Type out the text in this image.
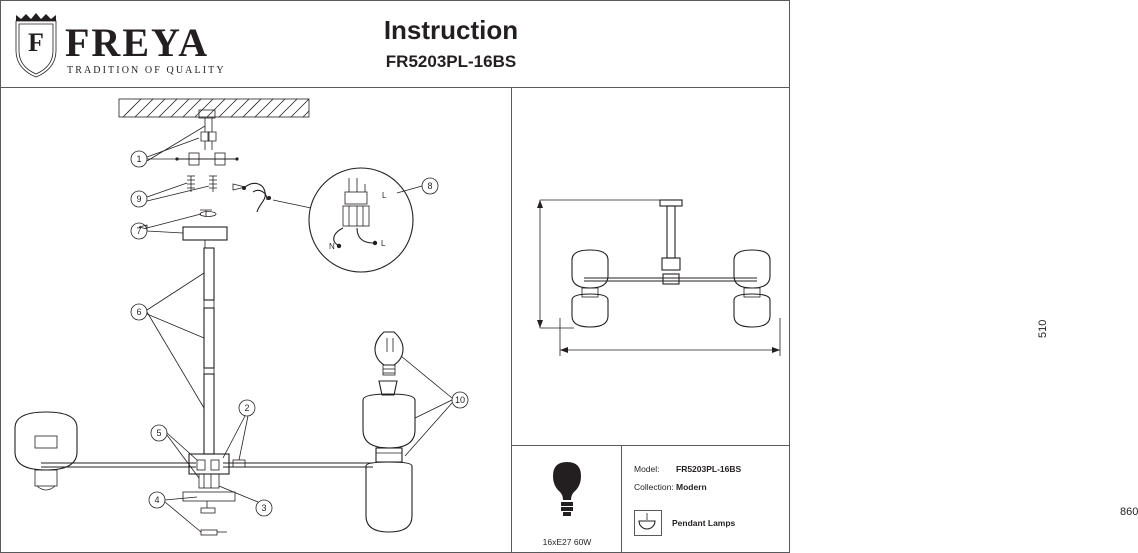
F FREYA
TRADITION OF QUALITY
Instruction
FR5203PL-16BS
N	L
L
1
9
7
6
5
2
4
3
10
8
510
860
16xE27 60W
Model: FR5203PL-16BS
Collection: Modern
Pendant Lamps
